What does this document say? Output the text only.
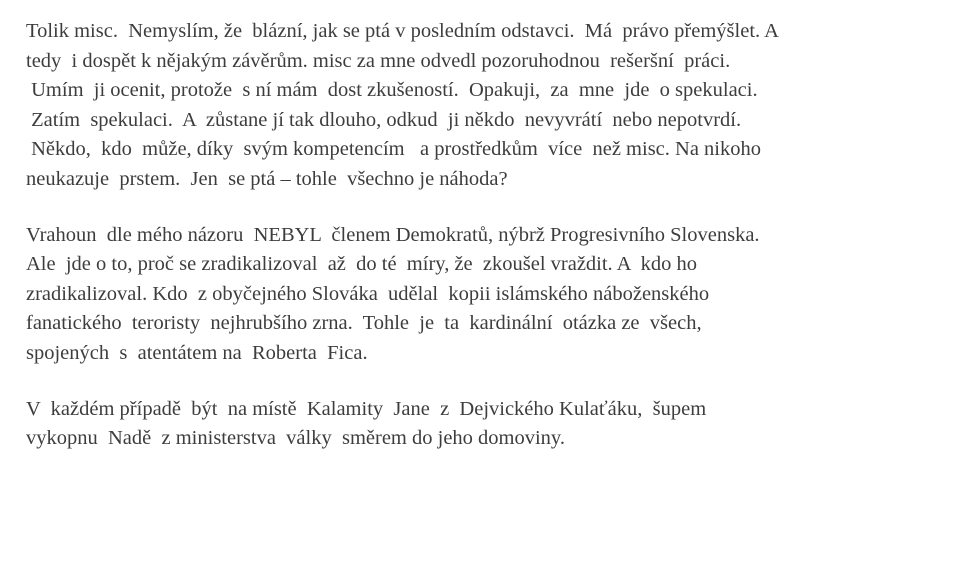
Tolik misc.  Nemyslím, že  blázní, jak se ptá v posledním odstavci.  Má  právo přemýšlet. A
tedy  i dospět k nějakým závěrům. misc za mne odvedl pozoruhodnou  rešeršní  práci.
Umím  ji ocenit, protože  s ní mám  dost zkušeností.  Opakuji,  za  mne  jde  o spekulaci.
Zatím  spekulaci.  A  zůstane jí tak dlouho, odkud  ji někdo  nevyvrátí  nebo nepotvrdí.
Někdo,  kdo  může, díky  svým kompetencím   a prostředkům  více  než misc. Na nikoho
neukazuje  prstem.  Jen  se ptá – tohle  všechno je náhoda?

Vrahoun  dle mého názoru  NEBYL  členem Demokratů, nýbrž Progresivního Slovenska.
Ale  jde o to, proč se zradikalizoval  až  do té  míry, že  zkoušel vraždit. A  kdo ho
zradikalizoval. Kdo  z obyčejného Slováka  udělal  kopii islámského náboženského
fanatického  teroristy  nejhrubšího zrna.  Tohle  je  ta  kardinální  otázka ze  všech,
spojených  s  atentátem na  Roberta  Fica.

V  každém případě  být  na místě  Kalamity  Jane  z  Dejvického Kulaťáku,  šupem
vykopnu  Nadě  z ministerstva  války  směrem do jeho domoviny.
